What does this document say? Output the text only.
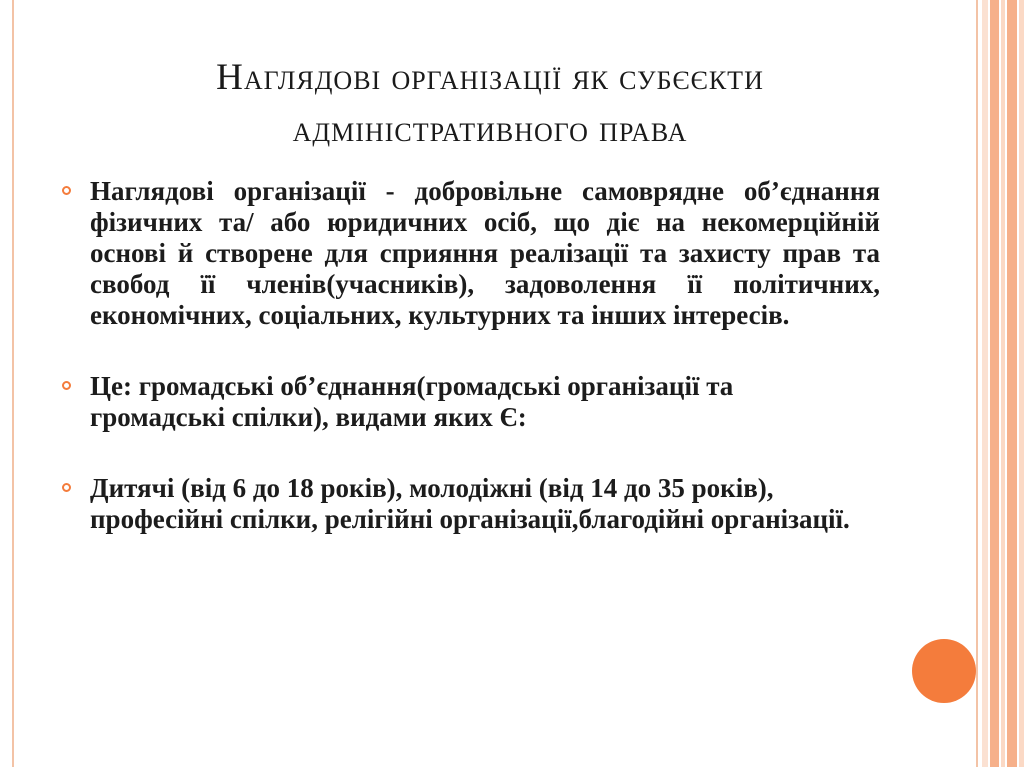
Наглядові організації як субєєкти
адміністративного права
Наглядові організації - добровільне самоврядне об’єднання фізичних та/ або юридичних осіб, що діє на некомерційній основі й створене для сприяння реалізації та захисту прав та свобод її членів(учасників), задоволення її політичних, економічних, соціальних, культурних та інших інтересів.
Це: громадські об’єднання(громадські організації та громадські спілки), видами яких Є:
Дитячі (від 6 до 18 років), молодіжні (від 14 до 35 років), професійні спілки, релігійні організації,благодійні організації.
